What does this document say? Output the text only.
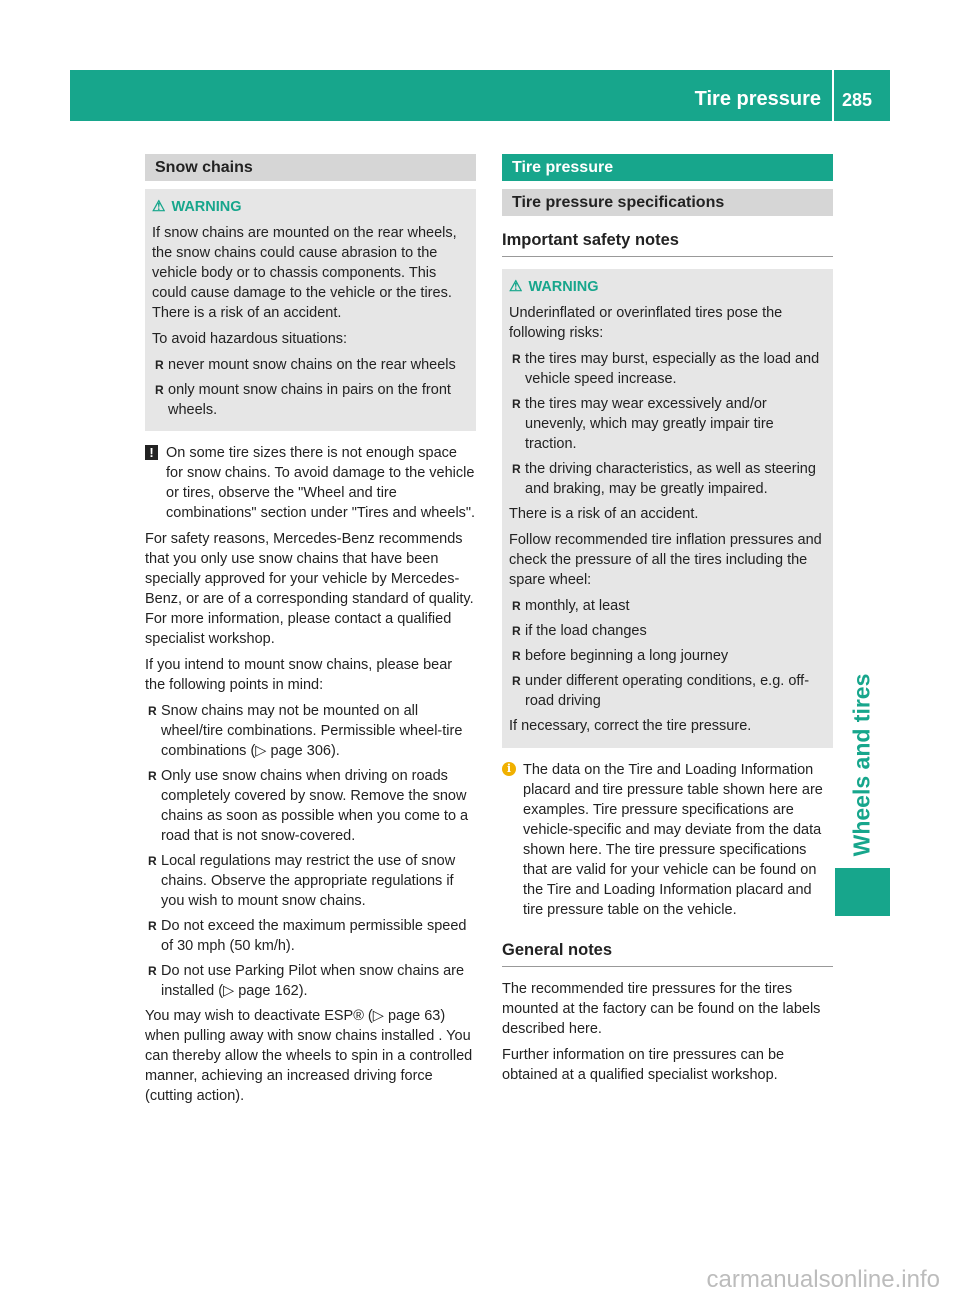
Tire pressure 285
Wheels and tires
Snow chains
⚠ WARNING

If snow chains are mounted on the rear wheels, the snow chains could cause abrasion to the vehicle body or to chassis components. This could cause damage to the vehicle or the tires. There is a risk of an accident.

To avoid hazardous situations:

R never mount snow chains on the rear wheels
R only mount snow chains in pairs on the front wheels.
! On some tire sizes there is not enough space for snow chains. To avoid damage to the vehicle or tires, observe the "Wheel and tire combinations" section under "Tires and wheels".

For safety reasons, Mercedes-Benz recommends that you only use snow chains that have been specially approved for your vehicle by Mercedes-Benz, or are of a corresponding standard of quality. For more information, please contact a qualified specialist workshop.

If you intend to mount snow chains, please bear the following points in mind:

R Snow chains may not be mounted on all wheel/tire combinations. Permissible wheel-tire combinations (▷ page 306).
R Only use snow chains when driving on roads completely covered by snow. Remove the snow chains as soon as possible when you come to a road that is not snow-covered.
R Local regulations may restrict the use of snow chains. Observe the appropriate regulations if you wish to mount snow chains.
R Do not exceed the maximum permissible speed of 30 mph (50 km/h).
R Do not use Parking Pilot when snow chains are installed (▷ page 162).

You may wish to deactivate ESP® (▷ page 63) when pulling away with snow chains installed . You can thereby allow the wheels to spin in a controlled manner, achieving an increased driving force (cutting action).

Tire pressure
Tire pressure specifications
Important safety notes
⚠ WARNING

Underinflated or overinflated tires pose the following risks:

R the tires may burst, especially as the load and vehicle speed increase.
R the tires may wear excessively and/or unevenly, which may greatly impair tire traction.
R the driving characteristics, as well as steering and braking, may be greatly impaired.

There is a risk of an accident.

Follow recommended tire inflation pressures and check the pressure of all the tires including the spare wheel:

R monthly, at least
R if the load changes
R before beginning a long journey
R under different operating conditions, e.g. off-road driving

If necessary, correct the tire pressure.

i The data on the Tire and Loading Information placard and tire pressure table shown here are examples. Tire pressure specifications are vehicle-specific and may deviate from the data shown here. The tire pressure specifications that are valid for your vehicle can be found on the Tire and Loading Information placard and tire pressure table on the vehicle.
General notes

The recommended tire pressures for the tires mounted at the factory can be found on the labels described here.

Further information on tire pressures can be obtained at a qualified specialist workshop.

carmanualsonline.info
